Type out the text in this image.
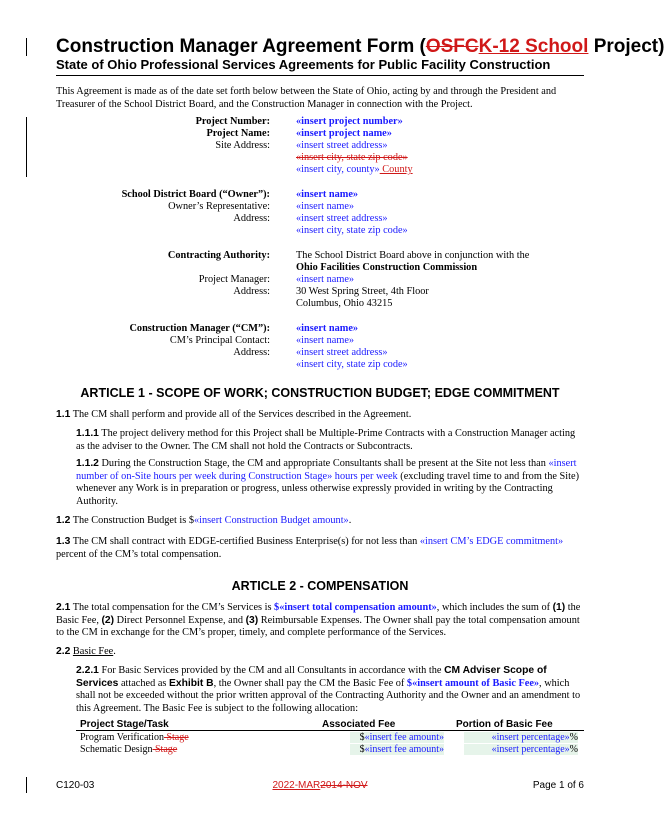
Construction Manager Agreement Form (OSFCK-12 School Project)
State of Ohio Professional Services Agreements for Public Facility Construction
This Agreement is made as of the date set forth below between the State of Ohio, acting by and through the President and Treasurer of the School District Board, and the Construction Manager in connection with the Project.
Project Number:	«insert project number»
Project Name:	«insert project name»
Site Address:	«insert street address»
«insert city, state zip code»
«insert city, county» County
School District Board (“Owner”):	«insert name»
Owner’s Representative:	«insert name»
Address:	«insert street address»
«insert city, state zip code»
Contracting Authority:	The School District Board above in conjunction with the
Ohio Facilities Construction Commission
Project Manager:	«insert name»
Address:	30 West Spring Street, 4th Floor
Columbus, Ohio 43215
Construction Manager (“CM”):	«insert name»
CM’s Principal Contact:	«insert name»
Address:	«insert street address»
«insert city, state zip code»
ARTICLE 1 - SCOPE OF WORK; CONSTRUCTION BUDGET; EDGE COMMITMENT
1.1 The CM shall perform and provide all of the Services described in the Agreement.
1.1.1 The project delivery method for this Project shall be Multiple-Prime Contracts with a Construction Manager acting as the adviser to the Owner. The CM shall not hold the Contracts or Subcontracts.
1.1.2 During the Construction Stage, the CM and appropriate Consultants shall be present at the Site not less than «insert number of on-Site hours per week during Construction Stage» hours per week (excluding travel time to and from the Site) whenever any Work is in preparation or progress, unless otherwise expressly provided in writing by the Contracting Authority.
1.2 The Construction Budget is $«insert Construction Budget amount».
1.3 The CM shall contract with EDGE-certified Business Enterprise(s) for not less than «insert CM’s EDGE commitment» percent of the CM’s total compensation.
ARTICLE 2 - COMPENSATION
2.1 The total compensation for the CM’s Services is $«insert total compensation amount», which includes the sum of (1) the Basic Fee, (2) Direct Personnel Expense, and (3) Reimbursable Expenses. The Owner shall pay the total compensation amount to the CM in exchange for the CM’s proper, timely, and complete performance of the Services.
2.2 Basic Fee.
2.2.1 For Basic Services provided by the CM and all Consultants in accordance with the CM Adviser Scope of Services attached as Exhibit B, the Owner shall pay the CM the Basic Fee of $«insert amount of Basic Fee», which shall not be exceeded without the prior written approval of the Contracting Authority and the Owner and an amendment to this Agreement. The Basic Fee is subject to the following allocation:
Project Stage/Task	Associated Fee	Portion of Basic Fee
Program Verification Stage	$«insert fee amount»	«insert percentage»%
Schematic Design Stage	$«insert fee amount»	«insert percentage»%
C120-03	2022-MAR2014-NOV	Page 1 of 6
